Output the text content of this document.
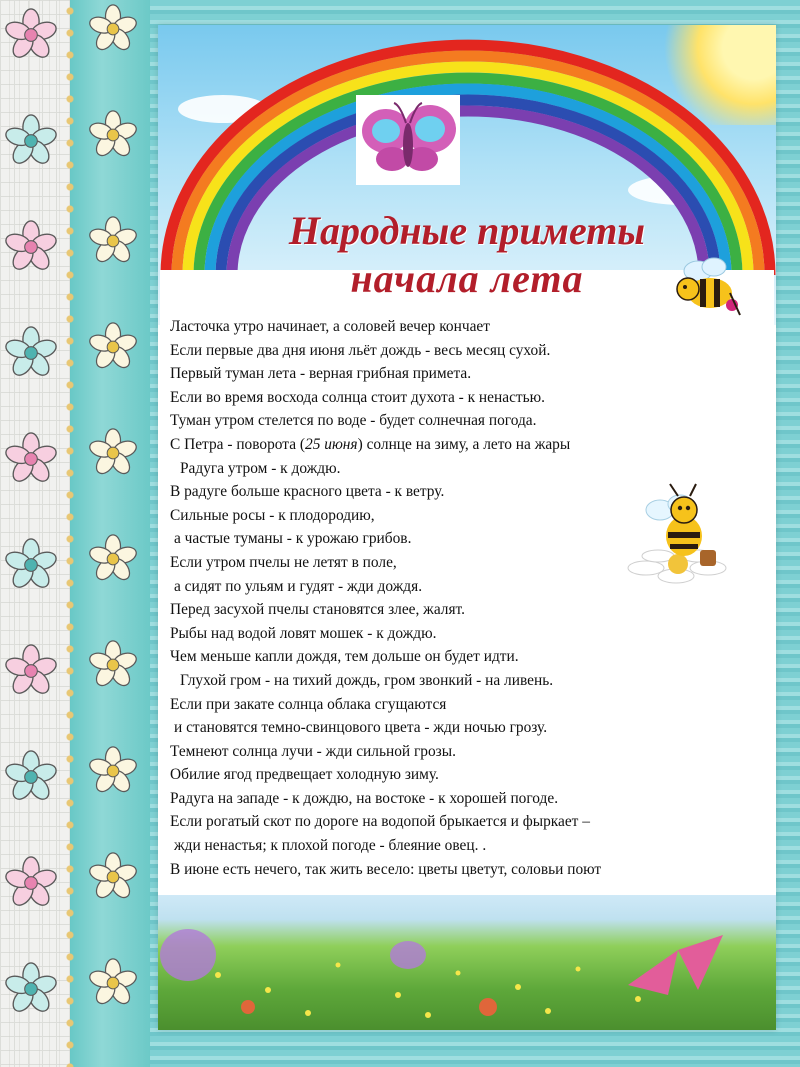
Народные приметы
начала лета
Ласточка утро начинает, а соловей вечер кончает
Если первые два дня июня льёт дождь - весь месяц сухой.
Первый туман лета - верная грибная примета.
Если во время восхода солнца стоит духота - к ненастью.
Туман утром стелется по воде - будет солнечная погода.
С Петра - поворота (25 июня) солнце на зиму, а лето на жары
Радуга утром - к дождю.
В радуге больше красного цвета - к ветру.
Сильные росы - к плодородию,
а частые туманы - к урожаю грибов.
Если утром пчелы не летят в поле,
а сидят по ульям и гудят - жди дождя.
Перед засухой пчелы становятся злее, жалят.
Рыбы над водой ловят мошек - к дождю.
Чем меньше капли дождя, тем дольше он будет идти.
Глухой гром - на тихий дождь, гром звонкий - на ливень.
Если при закате солнца облака сгущаются
и становятся темно-свинцового цвета - жди ночью грозу.
Темнеют солнца лучи - жди сильной грозы.
Обилие ягод предвещает холодную зиму.
Радуга на западе - к дождю, на востоке - к хорошей погоде.
Если рогатый скот по дороге на водопой брыкается и фыркает –
жди ненастья; к плохой погоде - блеяние овец. .
В июне есть нечего, так жить весело: цветы цветут, соловьи поют
